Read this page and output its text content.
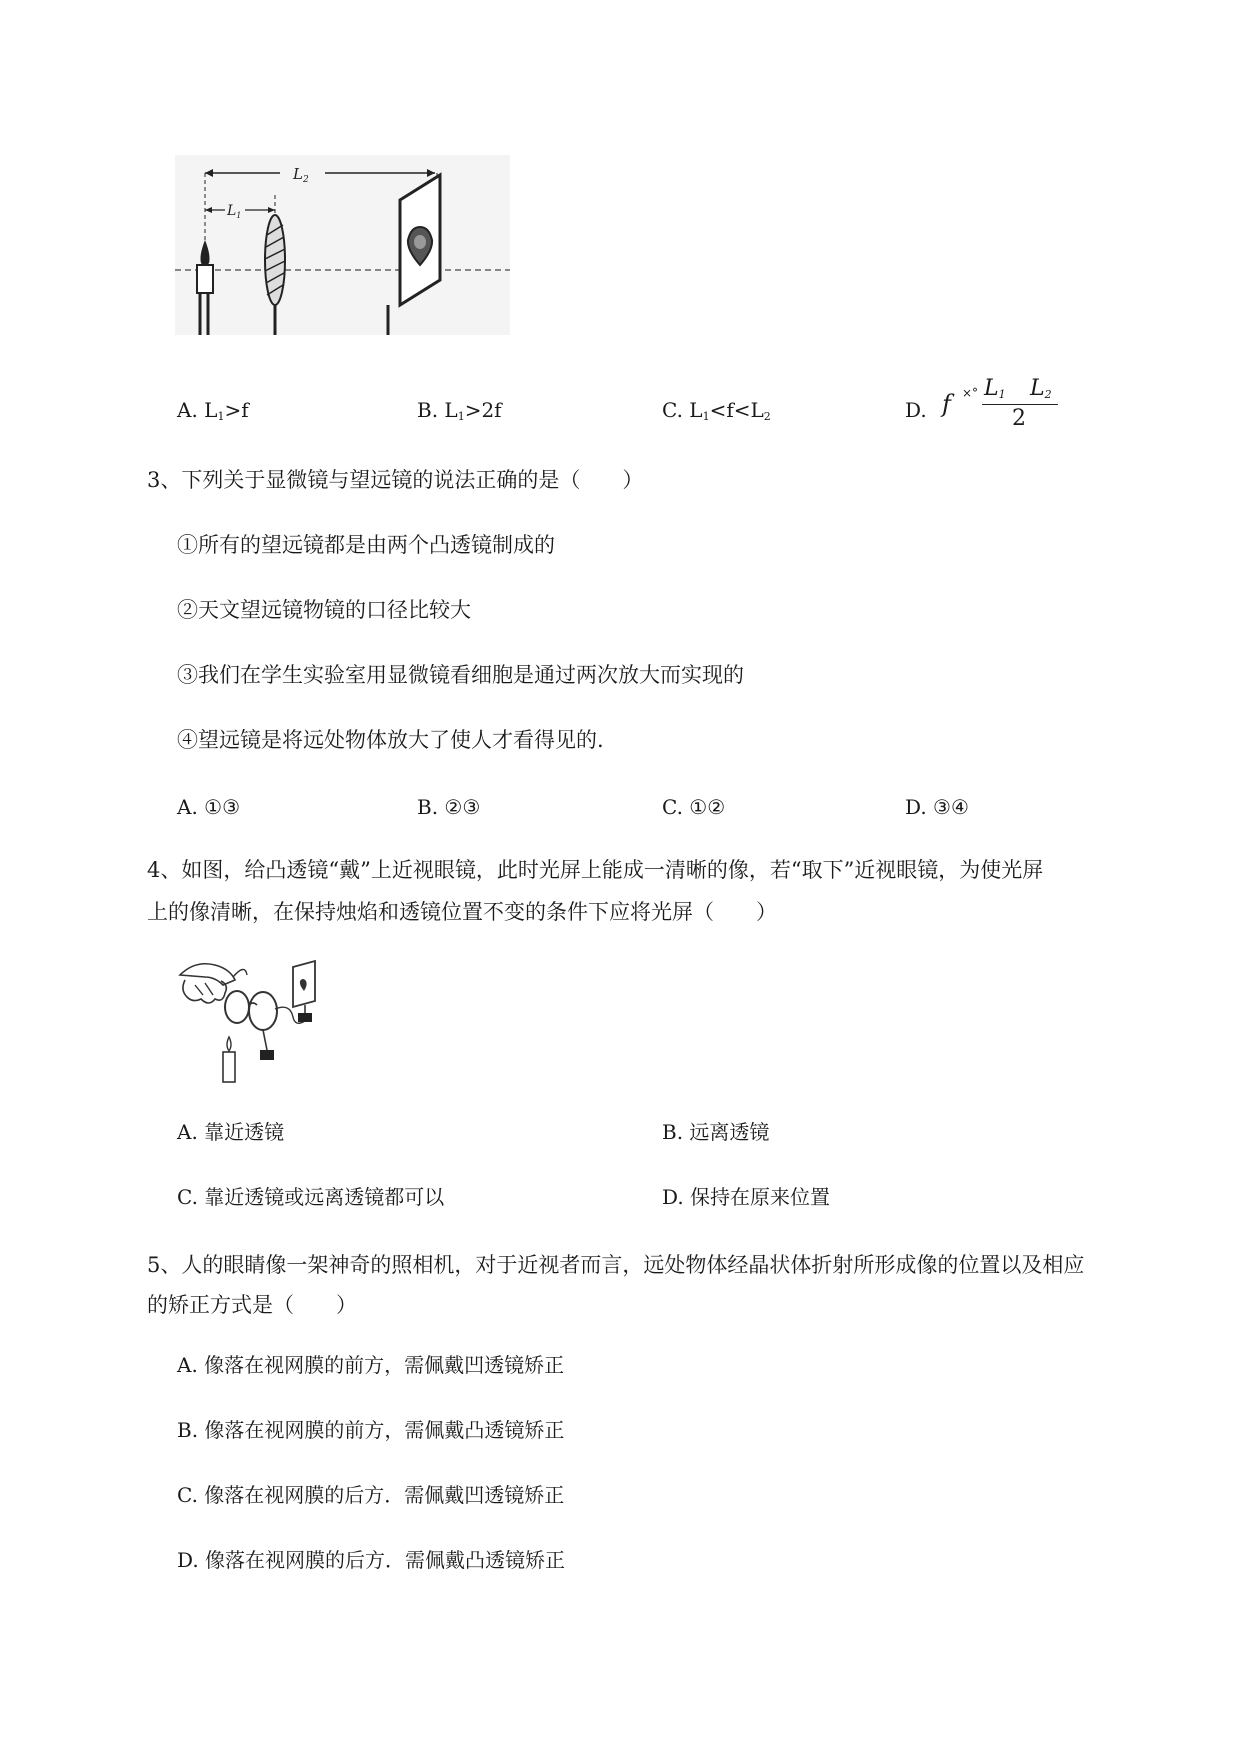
$L_2$
$L_1$
A. $L_1>f$	B. $L_1>2f$	C. $L_1<f<L_2$	D. f ×° $L_1$ $L_2$
2
3、下列关于显微镜与望远镜的说法正确的是（　　）
①所有的望远镜都是由两个凸透镜制成的
②天文望远镜物镜的口径比较大
③我们在学生实验室用显微镜看细胞是通过两次放大而实现的
④望远镜是将远处物体放大了使人才看得见的.
A. ①③	B. ②③	C. ①②	D. ③④
4、如图，给凸透镜“戴”上近视眼镜，此时光屏上能成一清晰的像，若“取下”近视眼镜，为使光屏
上的像清晰，在保持烛焰和透镜位置不变的条件下应将光屏（　　）
A. 靠近透镜	B. 远离透镜
C. 靠近透镜或远离透镜都可以	D. 保持在原来位置
5、人的眼睛像一架神奇的照相机，对于近视者而言，远处物体经晶状体折射所形成像的位置以及相应
的矫正方式是（　　）
A. 像落在视网膜的前方，需佩戴凹透镜矫正
B. 像落在视网膜的前方，需佩戴凸透镜矫正
C. 像落在视网膜的后方．需佩戴凹透镜矫正
D. 像落在视网膜的后方．需佩戴凸透镜矫正
